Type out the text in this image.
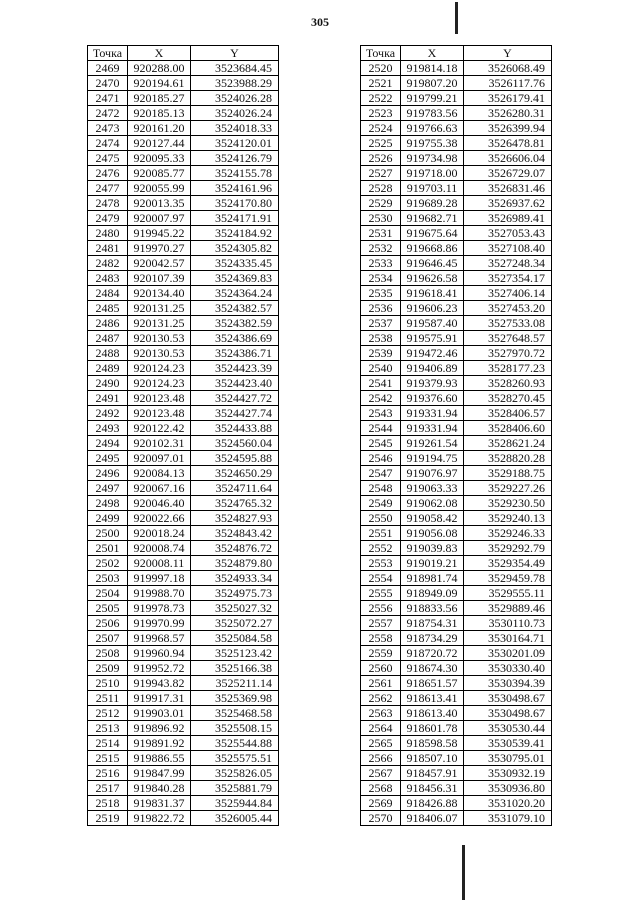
305
Точка	X	Y
2469	920288.00	3523684.45
2470	920194.61	3523988.29
2471	920185.27	3524026.28
2472	920185.13	3524026.24
2473	920161.20	3524018.33
2474	920127.44	3524120.01
2475	920095.33	3524126.79
2476	920085.77	3524155.78
2477	920055.99	3524161.96
2478	920013.35	3524170.80
2479	920007.97	3524171.91
2480	919945.22	3524184.92
2481	919970.27	3524305.82
2482	920042.57	3524335.45
2483	920107.39	3524369.83
2484	920134.40	3524364.24
2485	920131.25	3524382.57
2486	920131.25	3524382.59
2487	920130.53	3524386.69
2488	920130.53	3524386.71
2489	920124.23	3524423.39
2490	920124.23	3524423.40
2491	920123.48	3524427.72
2492	920123.48	3524427.74
2493	920122.42	3524433.88
2494	920102.31	3524560.04
2495	920097.01	3524595.88
2496	920084.13	3524650.29
2497	920067.16	3524711.64
2498	920046.40	3524765.32
2499	920022.66	3524827.93
2500	920018.24	3524843.42
2501	920008.74	3524876.72
2502	920008.11	3524879.80
2503	919997.18	3524933.34
2504	919988.70	3524975.73
2505	919978.73	3525027.32
2506	919970.99	3525072.27
2507	919968.57	3525084.58
2508	919960.94	3525123.42
2509	919952.72	3525166.38
2510	919943.82	3525211.14
2511	919917.31	3525369.98
2512	919903.01	3525468.58
2513	919896.92	3525508.15
2514	919891.92	3525544.88
2515	919886.55	3525575.51
2516	919847.99	3525826.05
2517	919840.28	3525881.79
2518	919831.37	3525944.84
2519	919822.72	3526005.44
Точка	X	Y
2520	919814.18	3526068.49
2521	919807.20	3526117.76
2522	919799.21	3526179.41
2523	919783.56	3526280.31
2524	919766.63	3526399.94
2525	919755.38	3526478.81
2526	919734.98	3526606.04
2527	919718.00	3526729.07
2528	919703.11	3526831.46
2529	919689.28	3526937.62
2530	919682.71	3526989.41
2531	919675.64	3527053.43
2532	919668.86	3527108.40
2533	919646.45	3527248.34
2534	919626.58	3527354.17
2535	919618.41	3527406.14
2536	919606.23	3527453.20
2537	919587.40	3527533.08
2538	919575.91	3527648.57
2539	919472.46	3527970.72
2540	919406.89	3528177.23
2541	919379.93	3528260.93
2542	919376.60	3528270.45
2543	919331.94	3528406.57
2544	919331.94	3528406.60
2545	919261.54	3528621.24
2546	919194.75	3528820.28
2547	919076.97	3529188.75
2548	919063.33	3529227.26
2549	919062.08	3529230.50
2550	919058.42	3529240.13
2551	919056.08	3529246.33
2552	919039.83	3529292.79
2553	919019.21	3529354.49
2554	918981.74	3529459.78
2555	918949.09	3529555.11
2556	918833.56	3529889.46
2557	918754.31	3530110.73
2558	918734.29	3530164.71
2559	918720.72	3530201.09
2560	918674.30	3530330.40
2561	918651.57	3530394.39
2562	918613.41	3530498.67
2563	918613.40	3530498.67
2564	918601.78	3530530.44
2565	918598.58	3530539.41
2566	918507.10	3530795.01
2567	918457.91	3530932.19
2568	918456.31	3530936.80
2569	918426.88	3531020.20
2570	918406.07	3531079.10
